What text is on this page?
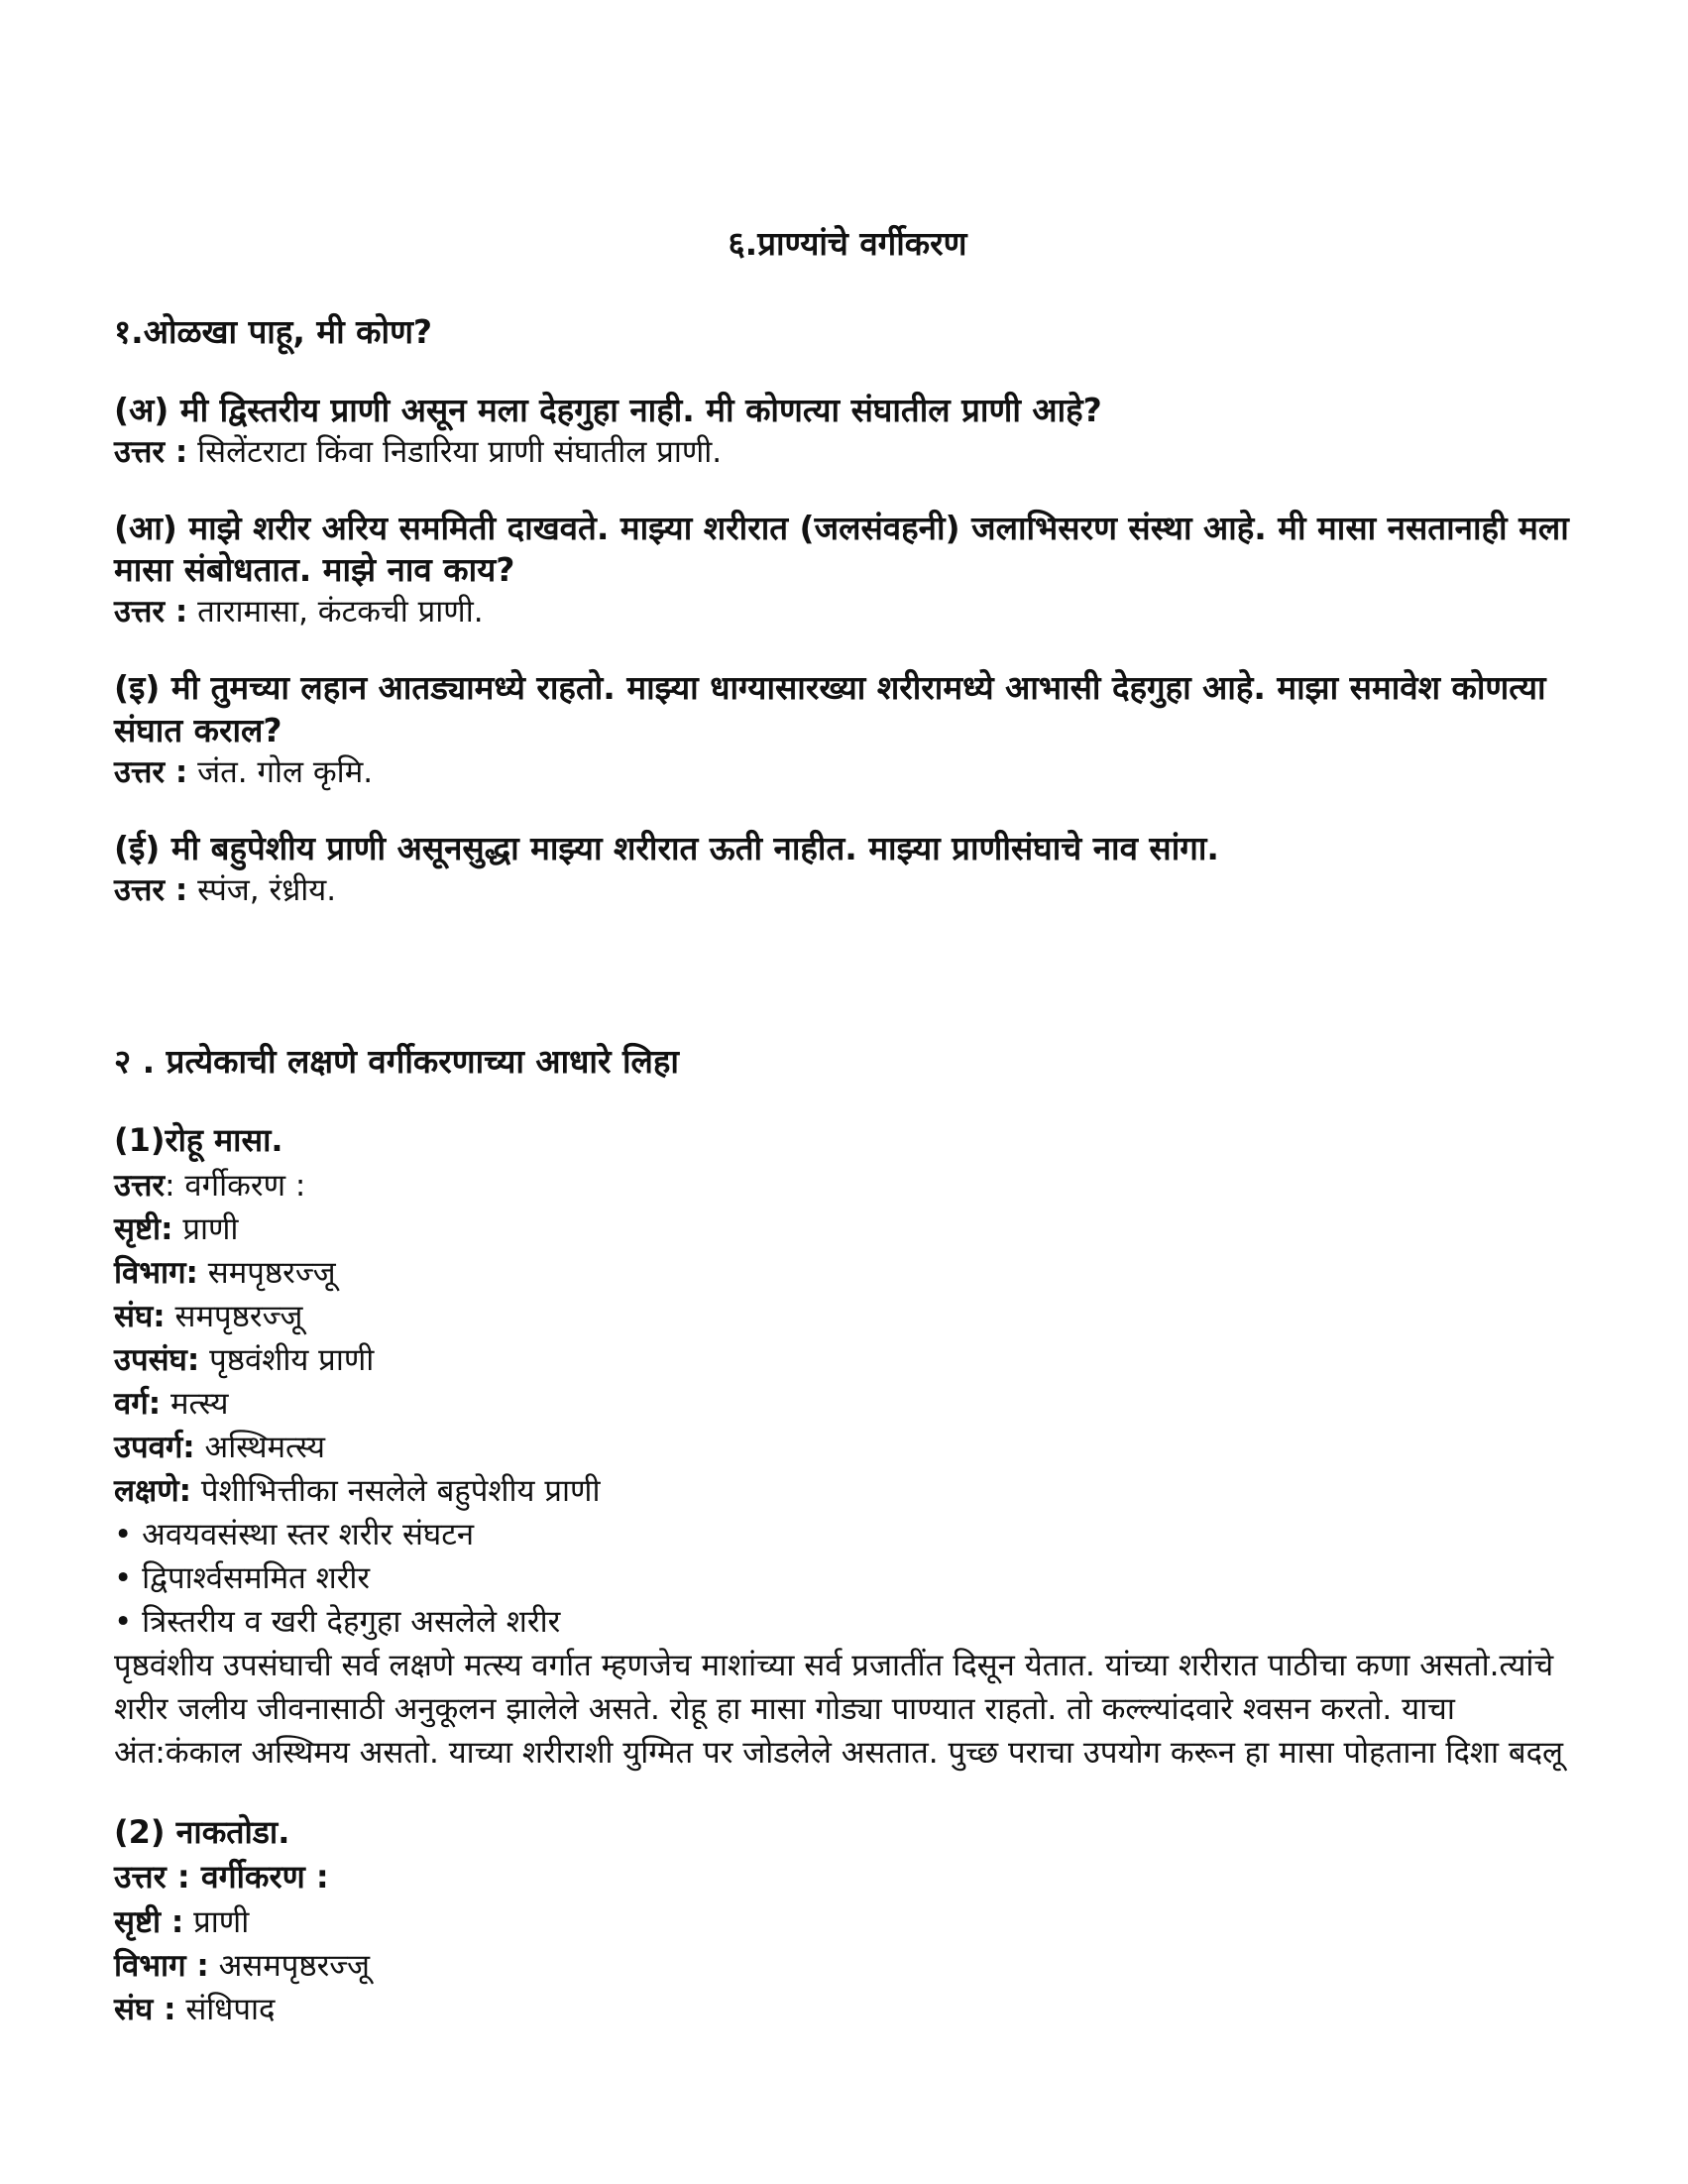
६.प्राण्यांचे वर्गीकरण

१.ओळखा पाहू, मी कोण?

(अ) मी द्विस्तरीय प्राणी असून मला देहगुहा नाही. मी कोणत्या संघातील प्राणी आहे?

उत्तर : सिलेंटराटा किंवा निडारिया प्राणी संघातील प्राणी.

(आ) माझे शरीर अरिय सममिती दाखवते. माझ्या शरीरात (जलसंवहनी) जलाभिसरण संस्था आहे. मी मासा नसतानाही मला मासा संबोधतात. माझे नाव काय?

उत्तर : तारामासा, कंटकची प्राणी.

(इ) मी तुमच्या लहान आतड्यामध्ये राहतो. माझ्या धाग्यासारख्या शरीरामध्ये आभासी देहगुहा आहे. माझा समावेश कोणत्या संघात कराल?

उत्तर : जंत. गोल कृमि.

(ई) मी बहुपेशीय प्राणी असूनसुद्धा माझ्या शरीरात ऊती नाहीत. माझ्या प्राणीसंघाचे नाव सांगा.

उत्तर : स्पंज, रंध्रीय.

२ . प्रत्येकाची लक्षणे वर्गीकरणाच्या आधारे लिहा

(1)रोहू मासा.

उत्तर: वर्गीकरण :

सृष्टी: प्राणी

विभाग: समपृष्ठरज्जू

संघ: समपृष्ठरज्जू

उपसंघ: पृष्ठवंशीय प्राणी

वर्ग: मत्स्य

उपवर्ग: अस्थिमत्स्य

लक्षणे: पेशीभित्तीका नसलेले बहुपेशीय प्राणी

• अवयवसंस्था स्तर शरीर संघटन

• द्विपार्श्वसममित शरीर

• त्रिस्तरीय व खरी देहगुहा असलेले शरीर

पृष्ठवंशीय उपसंघाची सर्व लक्षणे मत्स्य वर्गात म्हणजेच माशांच्या सर्व प्रजातींत दिसून येतात. यांच्या शरीरात पाठीचा कणा असतो.त्यांचे शरीर जलीय जीवनासाठी अनुकूलन झालेले असते. रोहू हा मासा गोड्या पाण्यात राहतो. तो कल्ल्यांदवारे श्वसन करतो. याचा अंत:कंकाल अस्थिमय असतो. याच्या शरीराशी युग्मित पर जोडलेले असतात. पुच्छ पराचा उपयोग करून हा मासा पोहताना दिशा बदलू

(2) नाकतोडा.

उत्तर : वर्गीकरण :

सृष्टी : प्राणी

विभाग : असमपृष्ठरज्जू

संघ : संधिपाद
